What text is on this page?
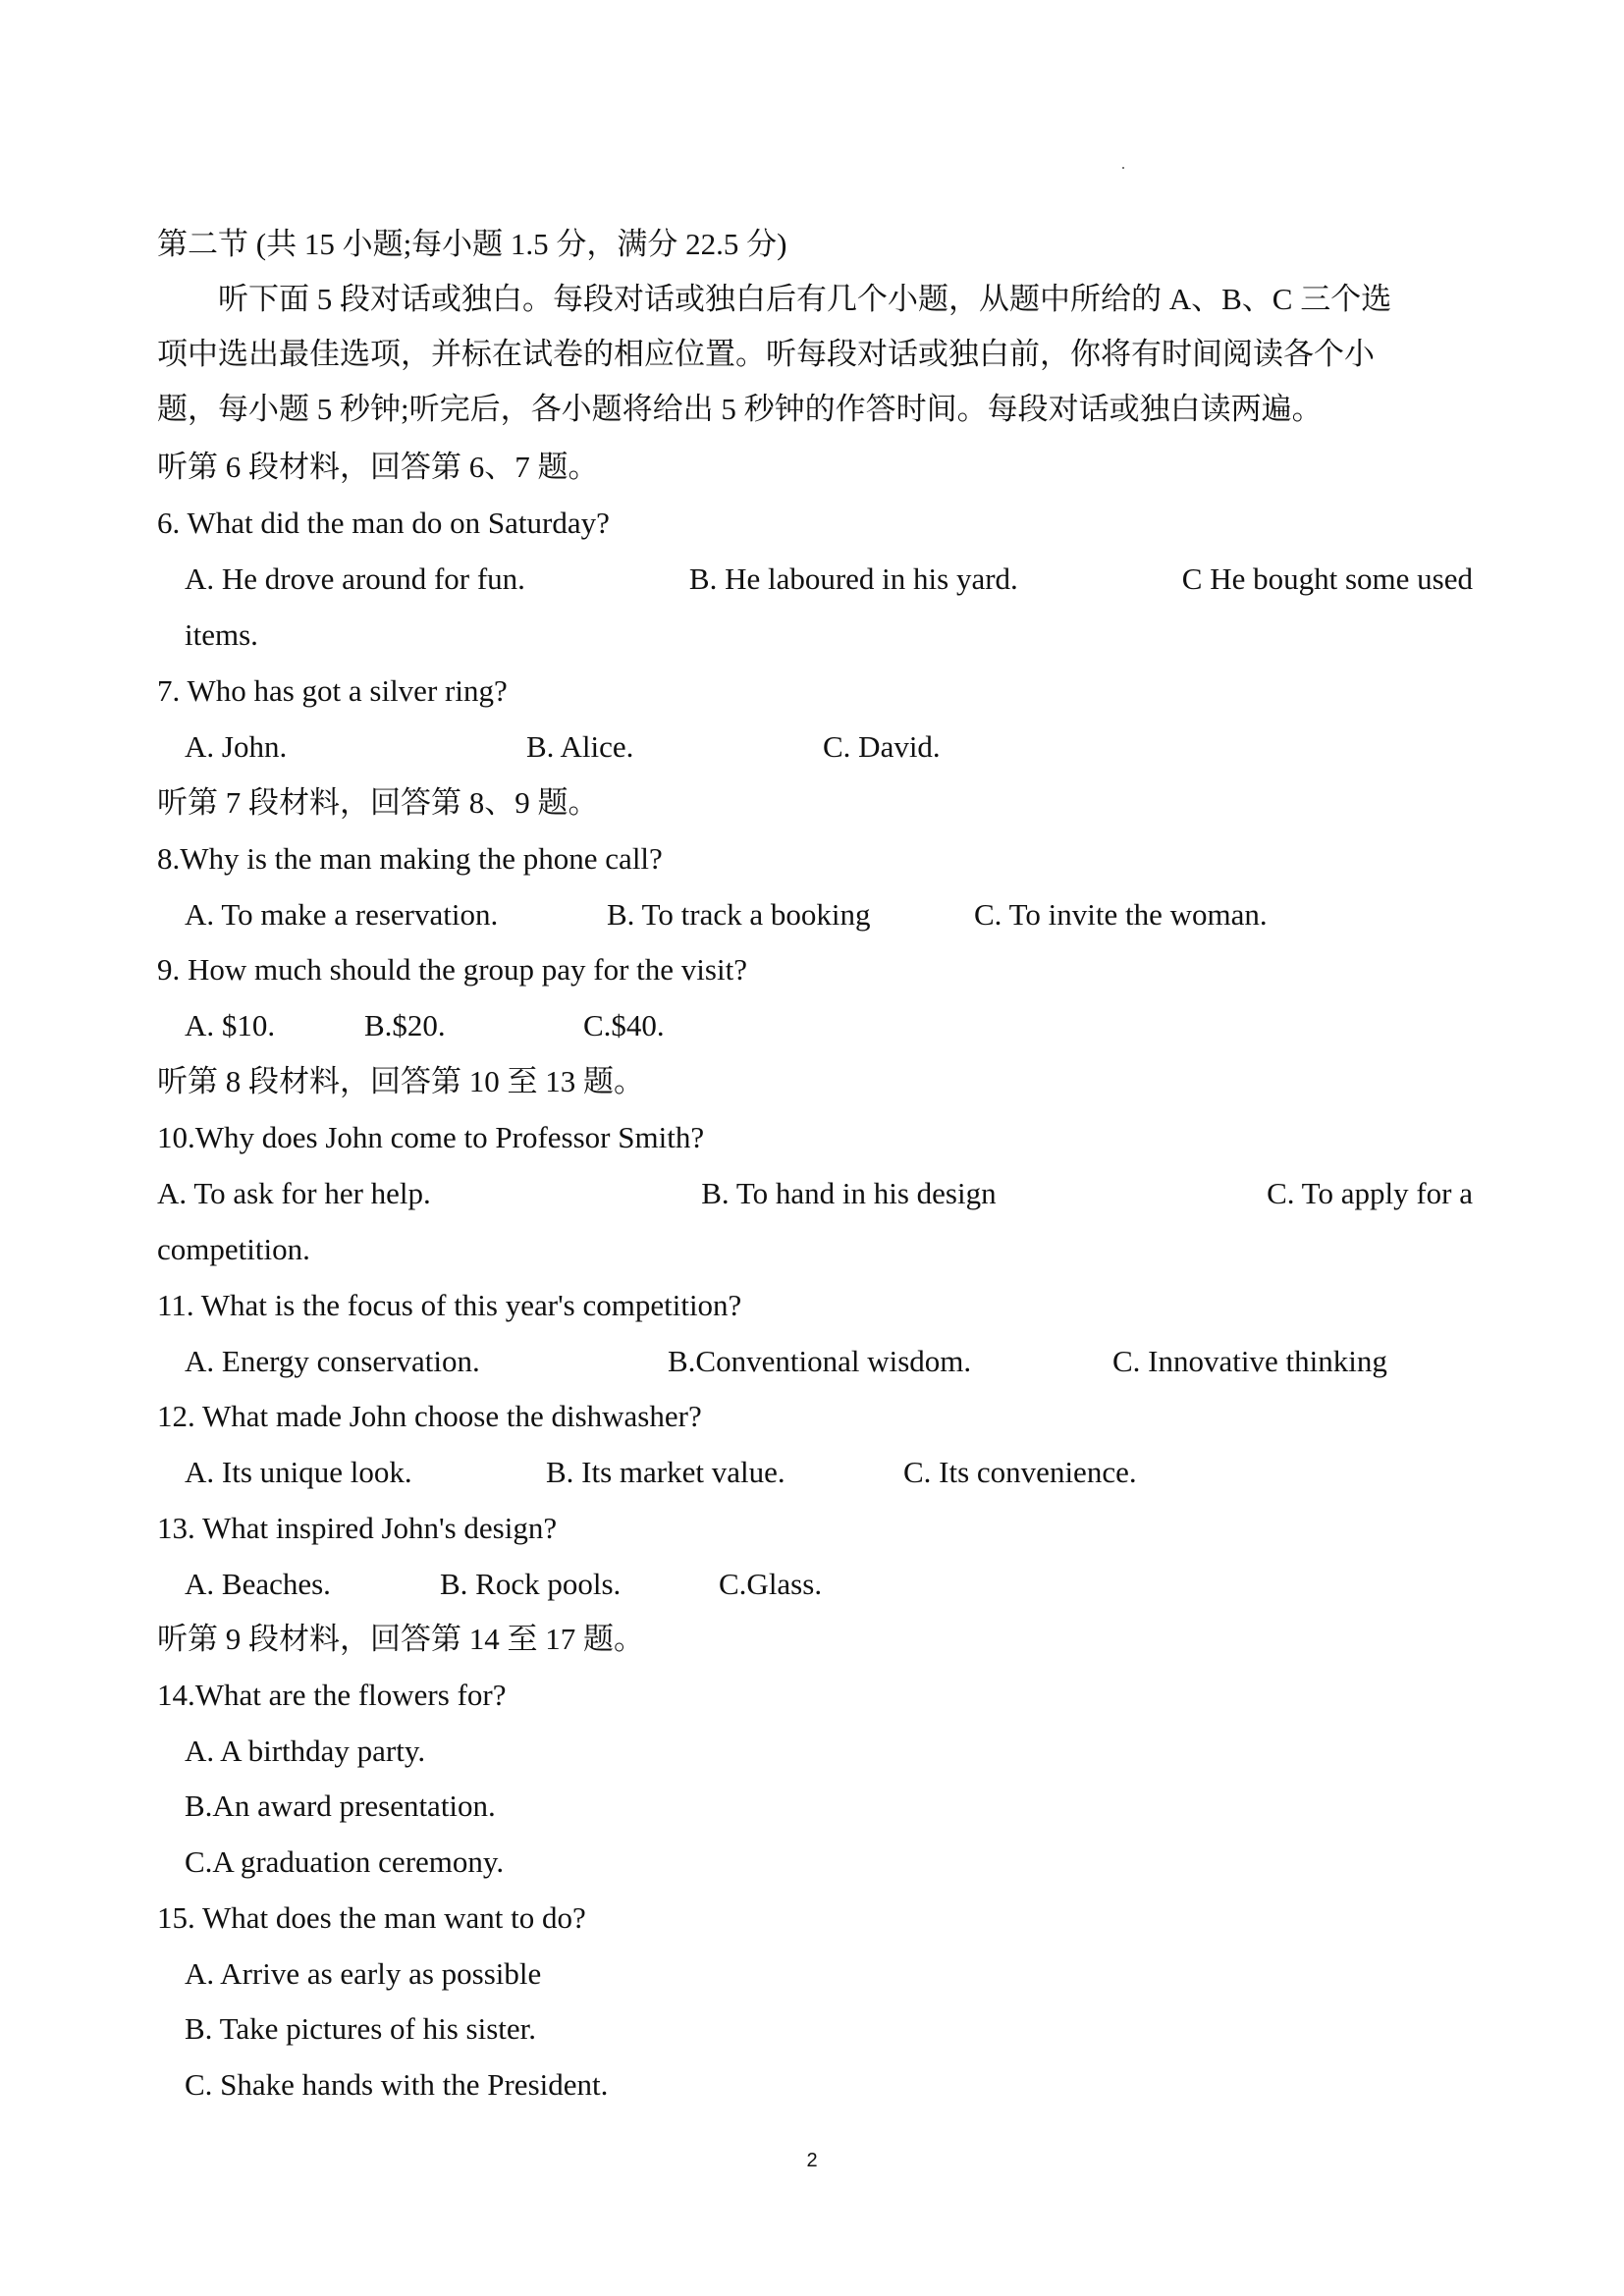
第二节 (共 15 小题;每小题 1.5 分，满分 22.5 分)
听下面 5 段对话或独白。每段对话或独白后有几个小题，从题中所给的 A、B、C 三个选
项中选出最佳选项，并标在试卷的相应位置。听每段对话或独白前，你将有时间阅读各个小
题，每小题 5 秒钟;听完后，各小题将给出 5 秒钟的作答时间。每段对话或独白读两遍。
听第 6 段材料，回答第 6、7 题。
6. What did the man do on Saturday?
A. He drove around for fun.	B. He laboured in his yard.	C He bought some used
items.
7. Who has got a silver ring?
A. John.	B. Alice.	C. David.
听第 7 段材料，回答第 8、9 题。
8.Why is the man making the phone call?
A. To make a reservation.	B. To track a booking	C. To invite the woman.
9. How much should the group pay for the visit?
A. $10.	B.$20.	C.$40.
听第 8 段材料，回答第 10 至 13 题。
10.Why does John come to Professor Smith?
A. To ask for her help.	B. To hand in his design	C. To apply for a
competition.
11. What is the focus of this year's competition?
A. Energy conservation.	B.Conventional wisdom.	C. Innovative thinking
12. What made John choose the dishwasher?
A. Its unique look.	B. Its market value.	C. Its convenience.
13. What inspired John's design?
A. Beaches.	B. Rock pools.	C.Glass.
听第 9 段材料，回答第 14 至 17 题。
14.What are the flowers for?
A. A birthday party.
B.An award presentation.
C.A graduation ceremony.
15. What does the man want to do?
A. Arrive as early as possible
B. Take pictures of his sister.
C. Shake hands with the President.
2
